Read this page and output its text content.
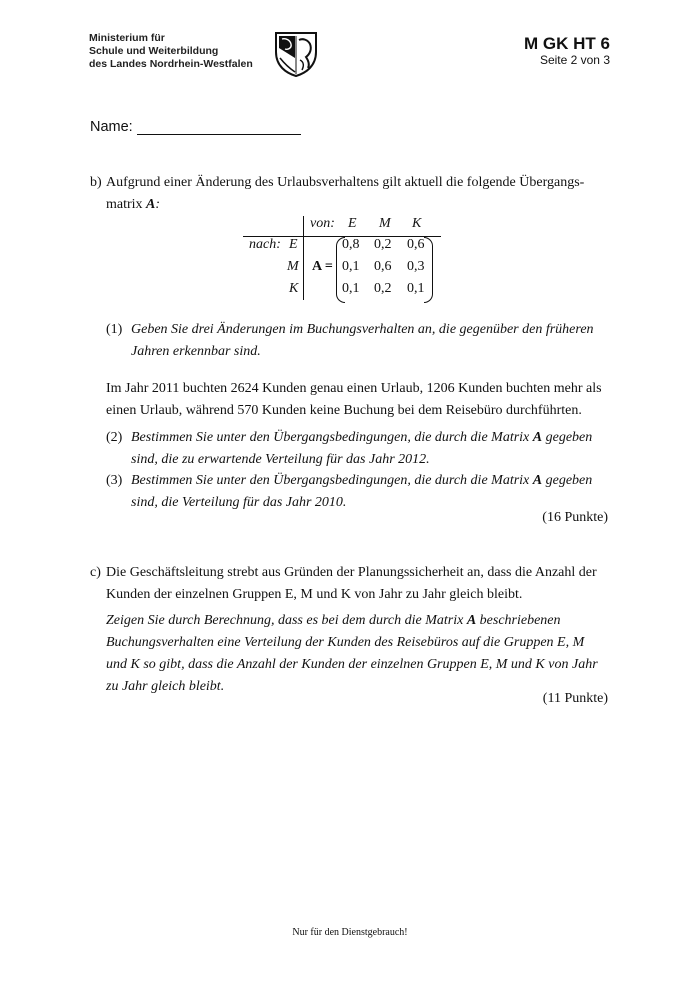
Ministerium für
Schule und Weiterbildung
des Landes Nordrhein-Westfalen
M GK HT 6
Seite 2 von 3
Name:
b) Aufgrund einer Änderung des Urlaubsverhaltens gilt aktuell die folgende Übergangs-
matrix A:
von: E M K
nach: E
M
K
A =
0,8 0,2 0,6
0,1 0,6 0,3
0,1 0,2 0,1
(1) Geben Sie drei Änderungen im Buchungsverhalten an, die gegenüber den früheren
Jahren erkennbar sind.
Im Jahr 2011 buchten 2624 Kunden genau einen Urlaub, 1206 Kunden buchten mehr als
einen Urlaub, während 570 Kunden keine Buchung bei dem Reisebüro durchführten.
(2) Bestimmen Sie unter den Übergangsbedingungen, die durch die Matrix A gegeben
sind, die zu erwartende Verteilung für das Jahr 2012.
(3) Bestimmen Sie unter den Übergangsbedingungen, die durch die Matrix A gegeben
sind, die Verteilung für das Jahr 2010.
(16 Punkte)
c) Die Geschäftsleitung strebt aus Gründen der Planungssicherheit an, dass die Anzahl der
Kunden der einzelnen Gruppen E, M und K von Jahr zu Jahr gleich bleibt.
Zeigen Sie durch Berechnung, dass es bei dem durch die Matrix A beschriebenen
Buchungsverhalten eine Verteilung der Kunden des Reisebüros auf die Gruppen E, M
und K so gibt, dass die Anzahl der Kunden der einzelnen Gruppen E, M und K von Jahr
zu Jahr gleich bleibt.
(11 Punkte)
Nur für den Dienstgebrauch!
